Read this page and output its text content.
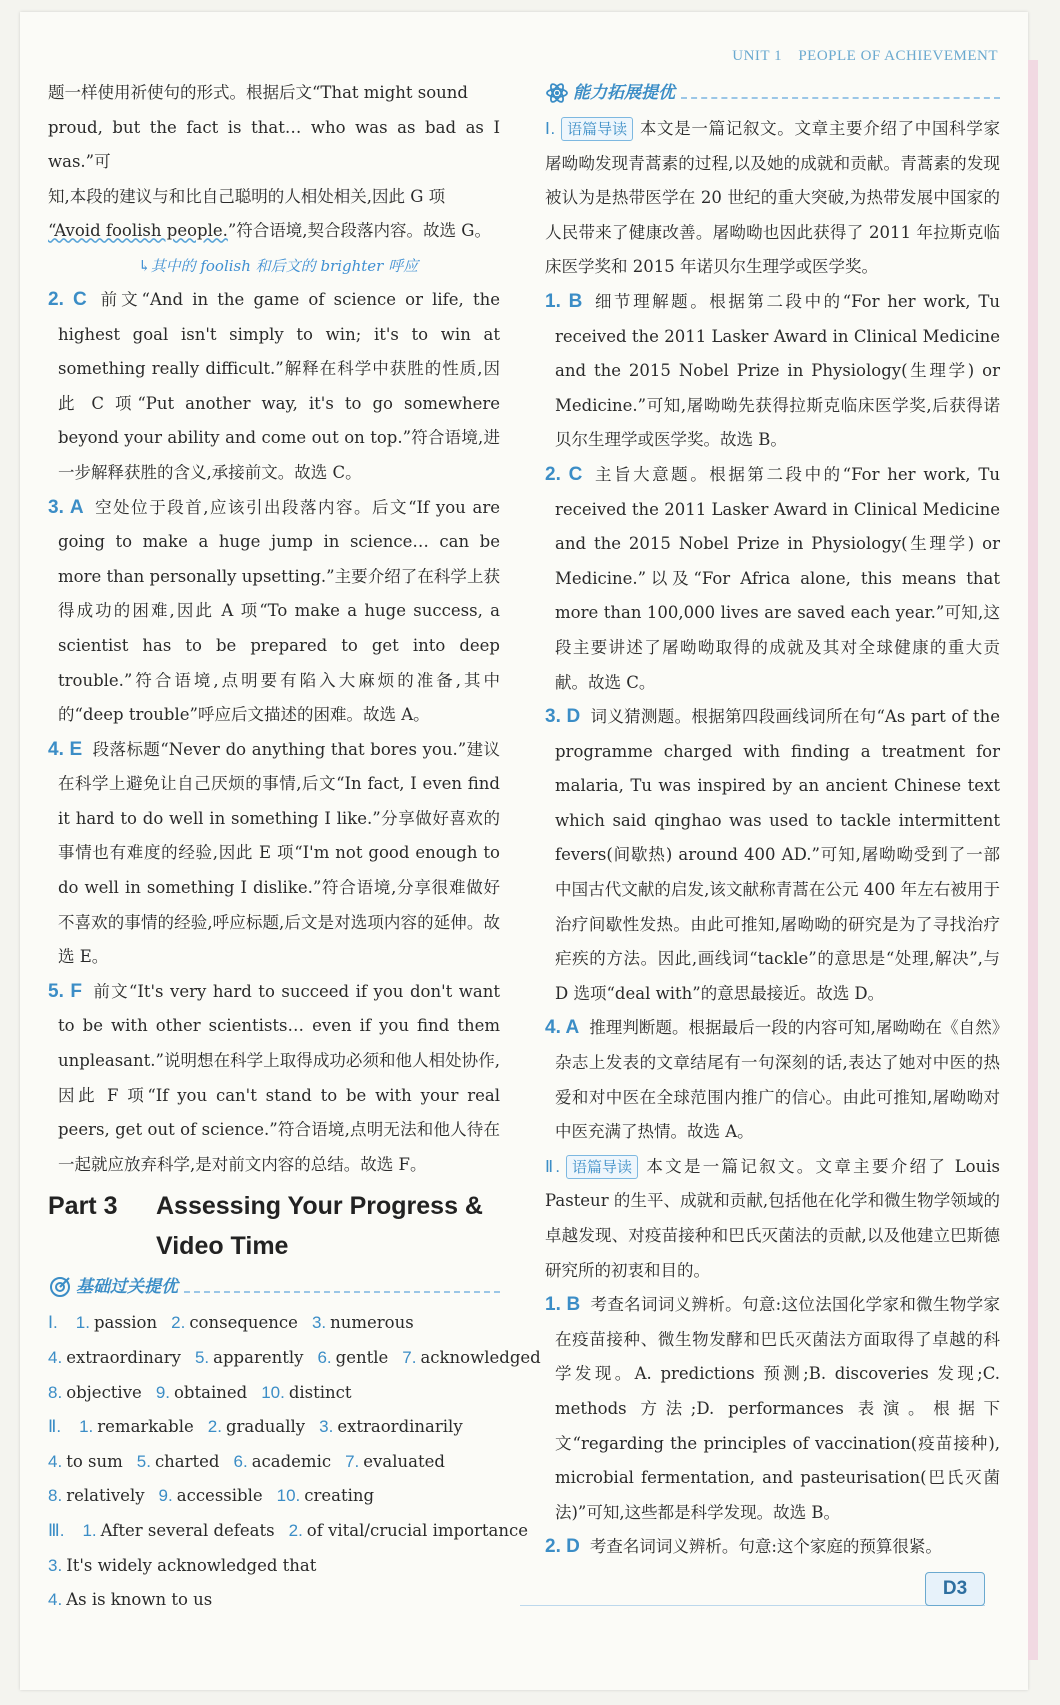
UNIT 1 PEOPLE OF ACHIEVEMENT

题一样使用祈使句的形式。根据后文“That might sound

proud, but the fact is that… who was as bad as I was.”可

知,本段的建议与和比自己聪明的人相处相关,因此 G 项

“Avoid foolish people.”符合语境,契合段落内容。故选 G。

↳其中的 foolish 和后文的 brighter 呼应

2. C 前文“And in the game of science or life, the highest goal isn't simply to win; it's to win at something really difficult.”解释在科学中获胜的性质,因此 C 项“Put another way, it's to go somewhere beyond your ability and come out on top.”符合语境,进一步解释获胜的含义,承接前文。故选 C。

3. A 空处位于段首,应该引出段落内容。后文“If you are going to make a huge jump in science… can be more than personally upsetting.”主要介绍了在科学上获得成功的困难,因此 A 项“To make a huge success, a scientist has to be prepared to get into deep trouble.”符合语境,点明要有陷入大麻烦的准备,其中的“deep trouble”呼应后文描述的困难。故选 A。

4. E 段落标题“Never do anything that bores you.”建议在科学上避免让自己厌烦的事情,后文“In fact, I even find it hard to do well in something I like.”分享做好喜欢的事情也有难度的经验,因此 E 项“I'm not good enough to do well in something I dislike.”符合语境,分享很难做好不喜欢的事情的经验,呼应标题,后文是对选项内容的延伸。故选 E。

5. F 前文“It's very hard to succeed if you don't want to be with other scientists… even if you find them unpleasant.”说明想在科学上取得成功必须和他人相处协作,因此 F 项“If you can't stand to be with your real peers, get out of science.”符合语境,点明无法和他人待在一起就应放弃科学,是对前文内容的总结。故选 F。

Part 3 Assessing Your Progress & Video Time
基础过关提优
Ⅰ. 1. passion 2. consequence 3. numerous
4. extraordinary 5. apparently 6. gentle 7. acknowledged
8. objective 9. obtained 10. distinct
Ⅱ. 1. remarkable 2. gradually 3. extraordinarily
4. to sum 5. charted 6. academic 7. evaluated
8. relatively 9. accessible 10. creating
Ⅲ. 1. After several defeats 2. of vital/crucial importance
3. It's widely acknowledged that
4. As is known to us
能力拓展提优

Ⅰ. 语篇导读 本文是一篇记叙文。文章主要介绍了中国科学家屠呦呦发现青蒿素的过程,以及她的成就和贡献。青蒿素的发现被认为是热带医学在 20 世纪的重大突破,为热带发展中国家的人民带来了健康改善。屠呦呦也因此获得了 2011 年拉斯克临床医学奖和 2015 年诺贝尔生理学或医学奖。

1. B 细节理解题。根据第二段中的“For her work, Tu received the 2011 Lasker Award in Clinical Medicine and the 2015 Nobel Prize in Physiology(生理学) or Medicine.”可知,屠呦呦先获得拉斯克临床医学奖,后获得诺贝尔生理学或医学奖。故选 B。

2. C 主旨大意题。根据第二段中的“For her work, Tu received the 2011 Lasker Award in Clinical Medicine and the 2015 Nobel Prize in Physiology(生理学) or Medicine.”以及“For Africa alone, this means that more than 100,000 lives are saved each year.”可知,这段主要讲述了屠呦呦取得的成就及其对全球健康的重大贡献。故选 C。

3. D 词义猜测题。根据第四段画线词所在句“As part of the programme charged with finding a treatment for malaria, Tu was inspired by an ancient Chinese text which said qinghao was used to tackle intermittent fevers(间歇热) around 400 AD.”可知,屠呦呦受到了一部中国古代文献的启发,该文献称青蒿在公元 400 年左右被用于治疗间歇性发热。由此可推知,屠呦呦的研究是为了寻找治疗疟疾的方法。因此,画线词“tackle”的意思是“处理,解决”,与 D 选项“deal with”的意思最接近。故选 D。

4. A 推理判断题。根据最后一段的内容可知,屠呦呦在《自然》杂志上发表的文章结尾有一句深刻的话,表达了她对中医的热爱和对中医在全球范围内推广的信心。由此可推知,屠呦呦对中医充满了热情。故选 A。

Ⅱ. 语篇导读 本文是一篇记叙文。文章主要介绍了 Louis Pasteur 的生平、成就和贡献,包括他在化学和微生物学领域的卓越发现、对疫苗接种和巴氏灭菌法的贡献,以及他建立巴斯德研究所的初衷和目的。

1. B 考查名词词义辨析。句意:这位法国化学家和微生物学家在疫苗接种、微生物发酵和巴氏灭菌法方面取得了卓越的科学发现。A. predictions 预测;B. discoveries 发现;C. methods 方法;D. performances 表演。根据下文“regarding the principles of vaccination(疫苗接种), microbial fermentation, and pasteurisation(巴氏灭菌法)”可知,这些都是科学发现。故选 B。

2. D 考查名词词义辨析。句意:这个家庭的预算很紧。

D3
